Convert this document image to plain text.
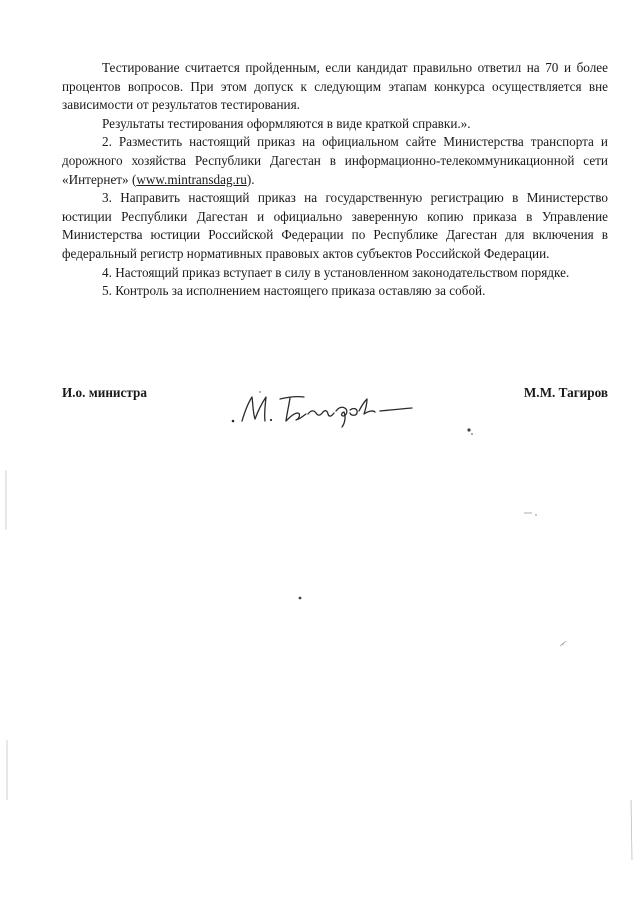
Тестирование считается пройденным, если кандидат правильно ответил на 70 и более процентов вопросов. При этом допуск к следующим этапам конкурса осуществляется вне зависимости от результатов тестирования.

Результаты тестирования оформляются в виде краткой справки.».

2. Разместить настоящий приказ на официальном сайте Министерства транспорта и дорожного хозяйства Республики Дагестан в информационно-телекоммуникационной сети «Интернет» (www.mintransdag.ru).

3. Направить настоящий приказ на государственную регистрацию в Министерство юстиции Республики Дагестан и официально заверенную копию приказа в Управление Министерства юстиции Российской Федерации по Республике Дагестан для включения в федеральный регистр нормативных правовых актов субъектов Российской Федерации.

4. Настоящий приказ вступает в силу в установленном законодательством порядке.

5. Контроль за исполнением настоящего приказа оставляю за собой.

И.о. министра	М.М. Тагиров
